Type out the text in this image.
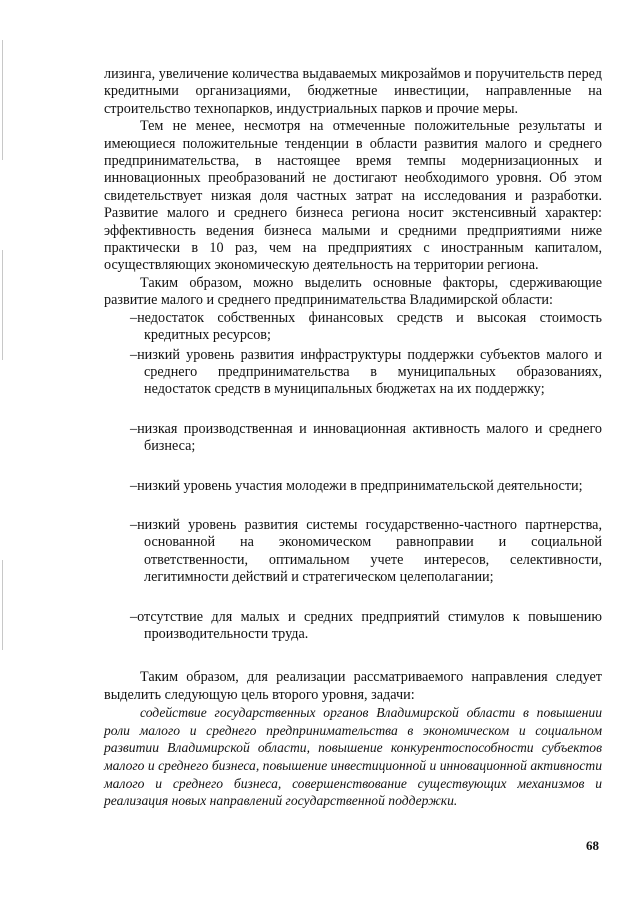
лизинга, увеличение количества выдаваемых микрозаймов и поручительств перед кредитными организациями, бюджетные инвестиции, направленные на строительство технопарков, индустриальных парков и прочие меры.

Тем не менее, несмотря на отмеченные положительные результаты и имеющиеся положительные тенденции в области развития малого и среднего предпринимательства, в настоящее время темпы модернизационных и инновационных преобразований не достигают необходимого уровня. Об этом свидетельствует низкая доля частных затрат на исследования и разработки. Развитие малого и среднего бизнеса региона носит экстенсивный характер: эффективность ведения бизнеса малыми и средними предприятиями ниже практически в 10 раз, чем на предприятиях с иностранным капиталом, осуществляющих экономическую деятельность на территории региона.

Таким образом, можно выделить основные факторы, сдерживающие развитие малого и среднего предпринимательства Владимирской области:

–недостаток собственных финансовых средств и высокая стоимость кредитных ресурсов;

–низкий уровень развития инфраструктуры поддержки субъектов малого и среднего предпринимательства в муниципальных образованиях, недостаток средств в муниципальных бюджетах на их поддержку;

–низкая производственная и инновационная активность малого и среднего бизнеса;

–низкий уровень участия молодежи в предпринимательской деятельности;

–низкий уровень развития системы государственно-частного партнерства, основанной на экономическом равноправии и социальной ответственности, оптимальном учете интересов, селективности, легитимности действий и стратегическом целеполагании;

–отсутствие для малых и средних предприятий стимулов к повышению производительности труда.

Таким образом, для реализации рассматриваемого направления следует выделить следующую цель второго уровня, задачи:

содействие государственных органов Владимирской области в повышении роли малого и среднего предпринимательства в экономическом и социальном развитии Владимирской области, повышение конкурентоспособности субъектов малого и среднего бизнеса, повышение инвестиционной и инновационной активности малого и среднего бизнеса, совершенствование существующих механизмов и реализация новых направлений государственной поддержки.

68
